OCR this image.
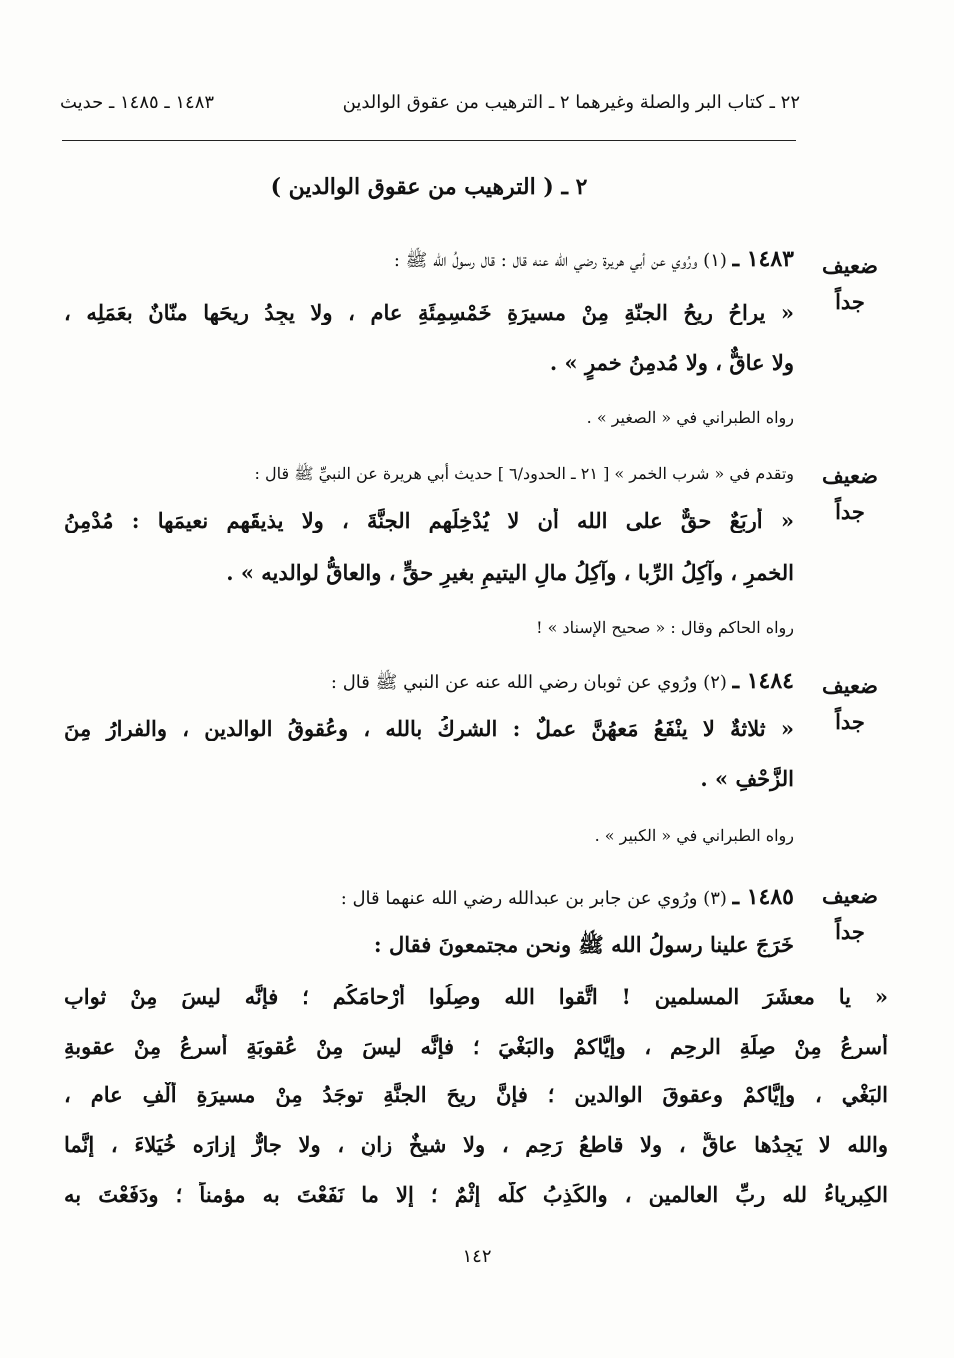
٢٢ ـ كتاب البر والصلة وغيرهما ٢ ـ الترهيب من عقوق الوالدين
١٤٨٣ ـ ١٤٨٥ ـ حديث
٢ ـ ( الترهيب من عقوق الوالدين )
ضعيف
جداً
١٤٨٣ ـ (١) ورُوي عن أبي هريرة رضي الله عنه قال : قال رسولُ الله ﷺ :
« يراحُ ريحُ الجنّةِ مِنْ مسيرَةِ خَمْسِمِئَةِ عامٍ ، ولا يجِدُ ريحَها منّانٌ بعَمَلِه ،
ولا عاقٌّ ، ولا مُدمِنُ خمرٍ » .
رواه الطبراني في « الصغير » .
ضعيف
جداً
وتقدم في « شرب الخمر » [ ٢١ ـ الحدود/٦ ] حديث أبي هريرة عن النبيِّ ﷺ قال :
« أربَعٌ حقٌّ على الله أن لا يُدْخِلَهم الجنَّةَ ، ولا يذيقَهم نعيمَها : مُدْمِنُ
الخمرِ ، وآكِلُ الرِّبا ، وآكِلُ مالِ اليتيمِ بغيرِ حقٍّ ، والعاقُّ لوالديه » .
رواه الحاكم وقال : « صحيح الإسناد » !
ضعيف
جداً
١٤٨٤ ـ (٢) ورُوي عن ثوبان رضي الله عنه عن النبي ﷺ قال :
« ثلاثةٌ لا ينْفَعُ مَعهُنَّ عملٌ : الشركُ بالله ، وعُقوقُ الوالدين ، والفرارُ مِنَ
الزَّحْفِ » .
رواه الطبراني في « الكبير » .
ضعيف
جداً
١٤٨٥ ـ (٣) ورُوي عن جابر بن عبدالله رضي الله عنهما قال :
خَرَجَ علينا رسولُ الله ﷺ ونحن مجتمعونَ فقال :
« يا معشَرَ المسلمين ! اتَّقوا الله وصِلُوا أرْحامَكُم ؛ فإنَّه ليسَ مِنْ ثوابٍ
أسرعُ مِنْ صِلَةِ الرحِمِ ، وإيَّاكمْ والبَغْيَ ؛ فإنَّه ليسَ مِنْ عُقوبَةٍ أسرعُ مِنْ عقوبةِ
البَغْيِ ، وإيَّاكمْ وعقوقَ الوالدينِ ؛ فإنَّ ريحَ الجنَّةِ توجَدُ مِنْ مسيرَةِ ألْفِ عامٍ ،
والله لا يَجِدُها عاقٌّ ، ولا قاطعُ رَحِمٍ ، ولا شيخٌ زانٍ ، ولا جارٌّ إزارَه خُيَلاءَ ، إنَّما
الكِبرِياءُ لله ربِّ العالمين ، والكَذِبُ كلُّه إثْمٌ ؛ إلا ما نَفَعْتَ به مؤمناً ؛ ودَفَعْتَ به
١٤٢
